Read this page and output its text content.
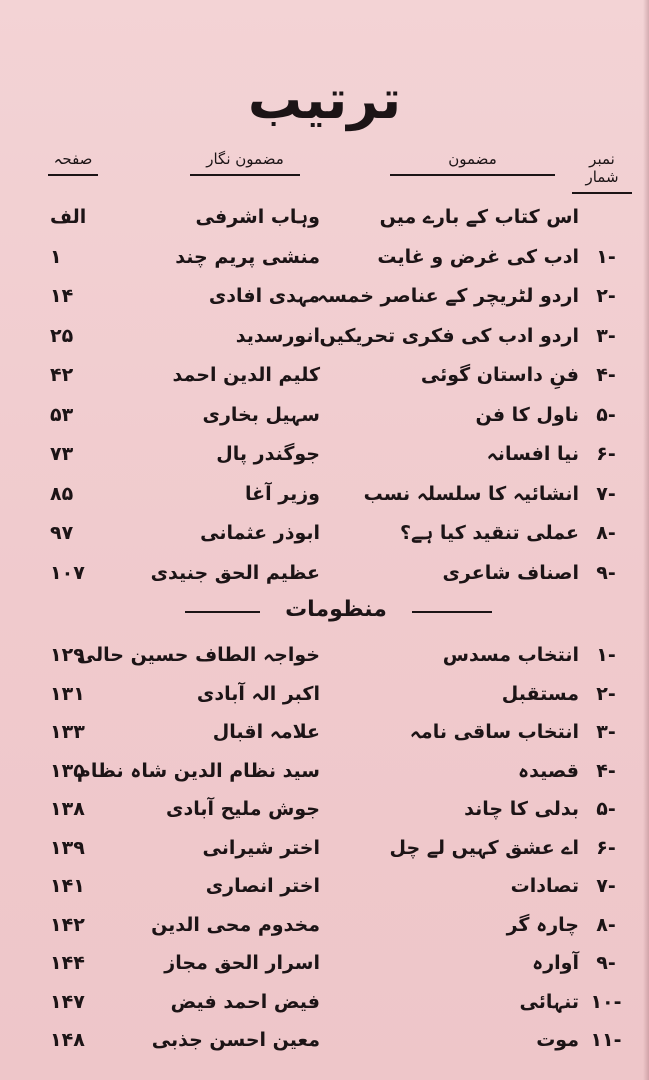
ترتیب
نمبر شمار
مضمون
مضمون نگار
صفحہ
اس کتاب کے بارے میں
وہاب اشرفی
الف
۱-
ادب کی غرض و غایت
منشی پریم چند
۱
۲-
اردو لٹریچر کے عناصر خمسہ
مہدی افادی
۱۴
۳-
اردو ادب کی فکری تحریکیں
انورسدید
۲۵
۴-
فنِ داستان گوئی
کلیم الدین احمد
۴۲
۵-
ناول کا فن
سہیل بخاری
۵۳
۶-
نیا افسانہ
جوگندر پال
۷۳
۷-
انشائیہ کا سلسلہ نسب
وزیر آغا
۸۵
۸-
عملی تنقید کیا ہے؟
ابوذر عثمانی
۹۷
۹-
اصناف شاعری
عظیم الحق جنیدی
۱۰۷
منظومات
۱-
انتخاب مسدس
خواجہ الطاف حسین حالی
۱۲۹
۲-
مستقبل
اکبر الہ آبادی
۱۳۱
۳-
انتخاب ساقی نامہ
علامہ اقبال
۱۳۳
۴-
قصیدہ
سید نظام الدین شاہ نظام
۱۳۵
۵-
بدلی کا چاند
جوش ملیح آبادی
۱۳۸
۶-
اے عشق کہیں لے چل
اختر شیرانی
۱۳۹
۷-
تصادات
اختر انصاری
۱۴۱
۸-
چارہ گر
مخدوم محی الدین
۱۴۲
۹-
آوارہ
اسرار الحق مجاز
۱۴۴
۱۰-
تنہائی
فیض احمد فیض
۱۴۷
۱۱-
موت
معین احسن جذبی
۱۴۸
